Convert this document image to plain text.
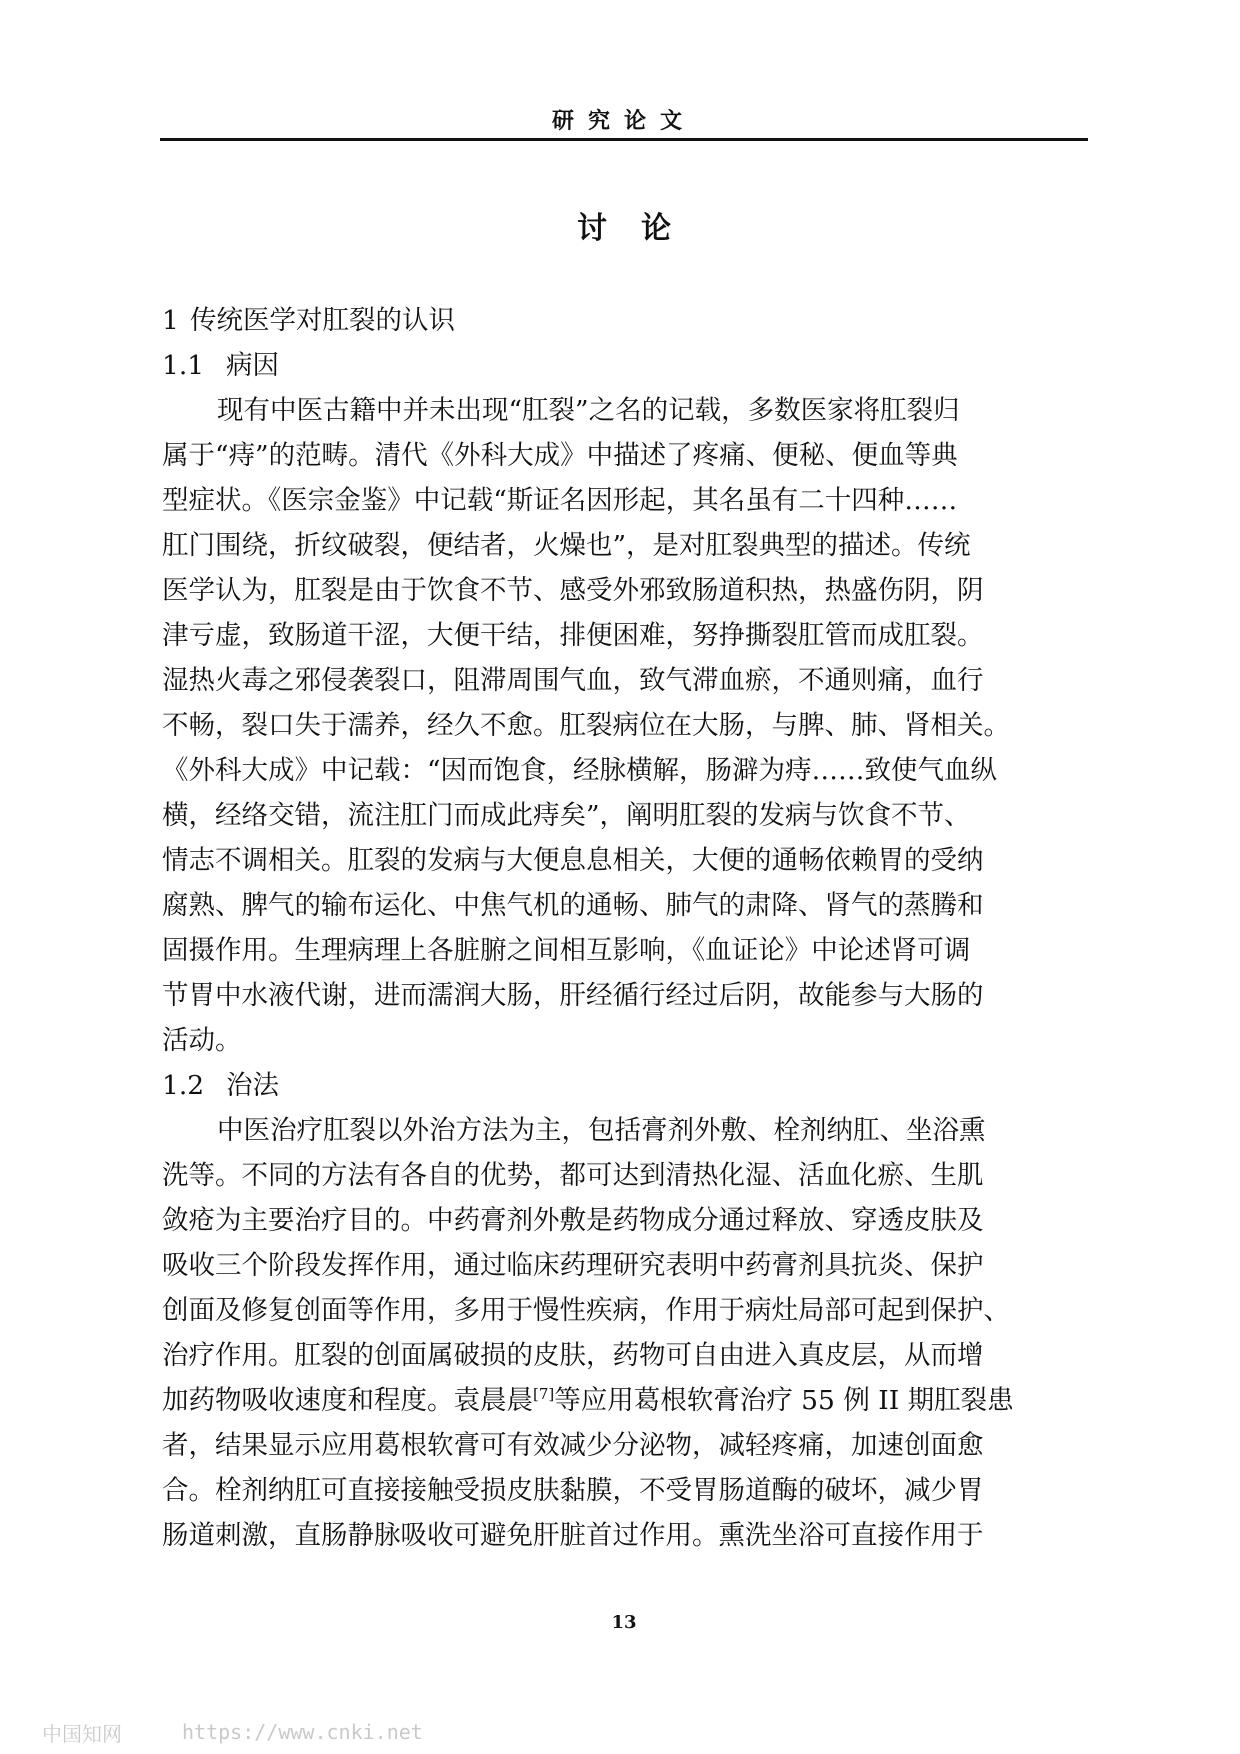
研究论文
讨论
1 传统医学对肛裂的认识
1.1 病因
现有中医古籍中并未出现“肛裂”之名的记载，多数医家将肛裂归
属于“痔”的范畴。清代《外科大成》中描述了疼痛、便秘、便血等典
型症状。《医宗金鉴》中记载“斯证名因形起，其名虽有二十四种……
肛门围绕，折纹破裂，便结者，火燥也”，是对肛裂典型的描述。传统
医学认为，肛裂是由于饮食不节、感受外邪致肠道积热，热盛伤阴，阴
津亏虚，致肠道干涩，大便干结，排便困难，努挣撕裂肛管而成肛裂。
湿热火毒之邪侵袭裂口，阻滞周围气血，致气滞血瘀，不通则痛，血行
不畅，裂口失于濡养，经久不愈。肛裂病位在大肠，与脾、肺、肾相关。
《外科大成》中记载：“因而饱食，经脉横解，肠澼为痔……致使气血纵
横，经络交错，流注肛门而成此痔矣”，阐明肛裂的发病与饮食不节、
情志不调相关。肛裂的发病与大便息息相关，大便的通畅依赖胃的受纳
腐熟、脾气的输布运化、中焦气机的通畅、肺气的肃降、肾气的蒸腾和
固摄作用。生理病理上各脏腑之间相互影响，《血证论》中论述肾可调
节胃中水液代谢，进而濡润大肠，肝经循行经过后阴，故能参与大肠的
活动。
1.2 治法
中医治疗肛裂以外治方法为主，包括膏剂外敷、栓剂纳肛、坐浴熏
洗等。不同的方法有各自的优势，都可达到清热化湿、活血化瘀、生肌
敛疮为主要治疗目的。中药膏剂外敷是药物成分通过释放、穿透皮肤及
吸收三个阶段发挥作用，通过临床药理研究表明中药膏剂具抗炎、保护
创面及修复创面等作用，多用于慢性疾病，作用于病灶局部可起到保护、
治疗作用。肛裂的创面属破损的皮肤，药物可自由进入真皮层，从而增
加药物吸收速度和程度。袁晨晨[7]等应用葛根软膏治疗 55 例 II 期肛裂患
者，结果显示应用葛根软膏可有效减少分泌物，减轻疼痛，加速创面愈
合。栓剂纳肛可直接接触受损皮肤黏膜，不受胃肠道酶的破坏，减少胃
肠道刺激，直肠静脉吸收可避免肝脏首过作用。熏洗坐浴可直接作用于
13
中国知网	https://www.cnki.net
